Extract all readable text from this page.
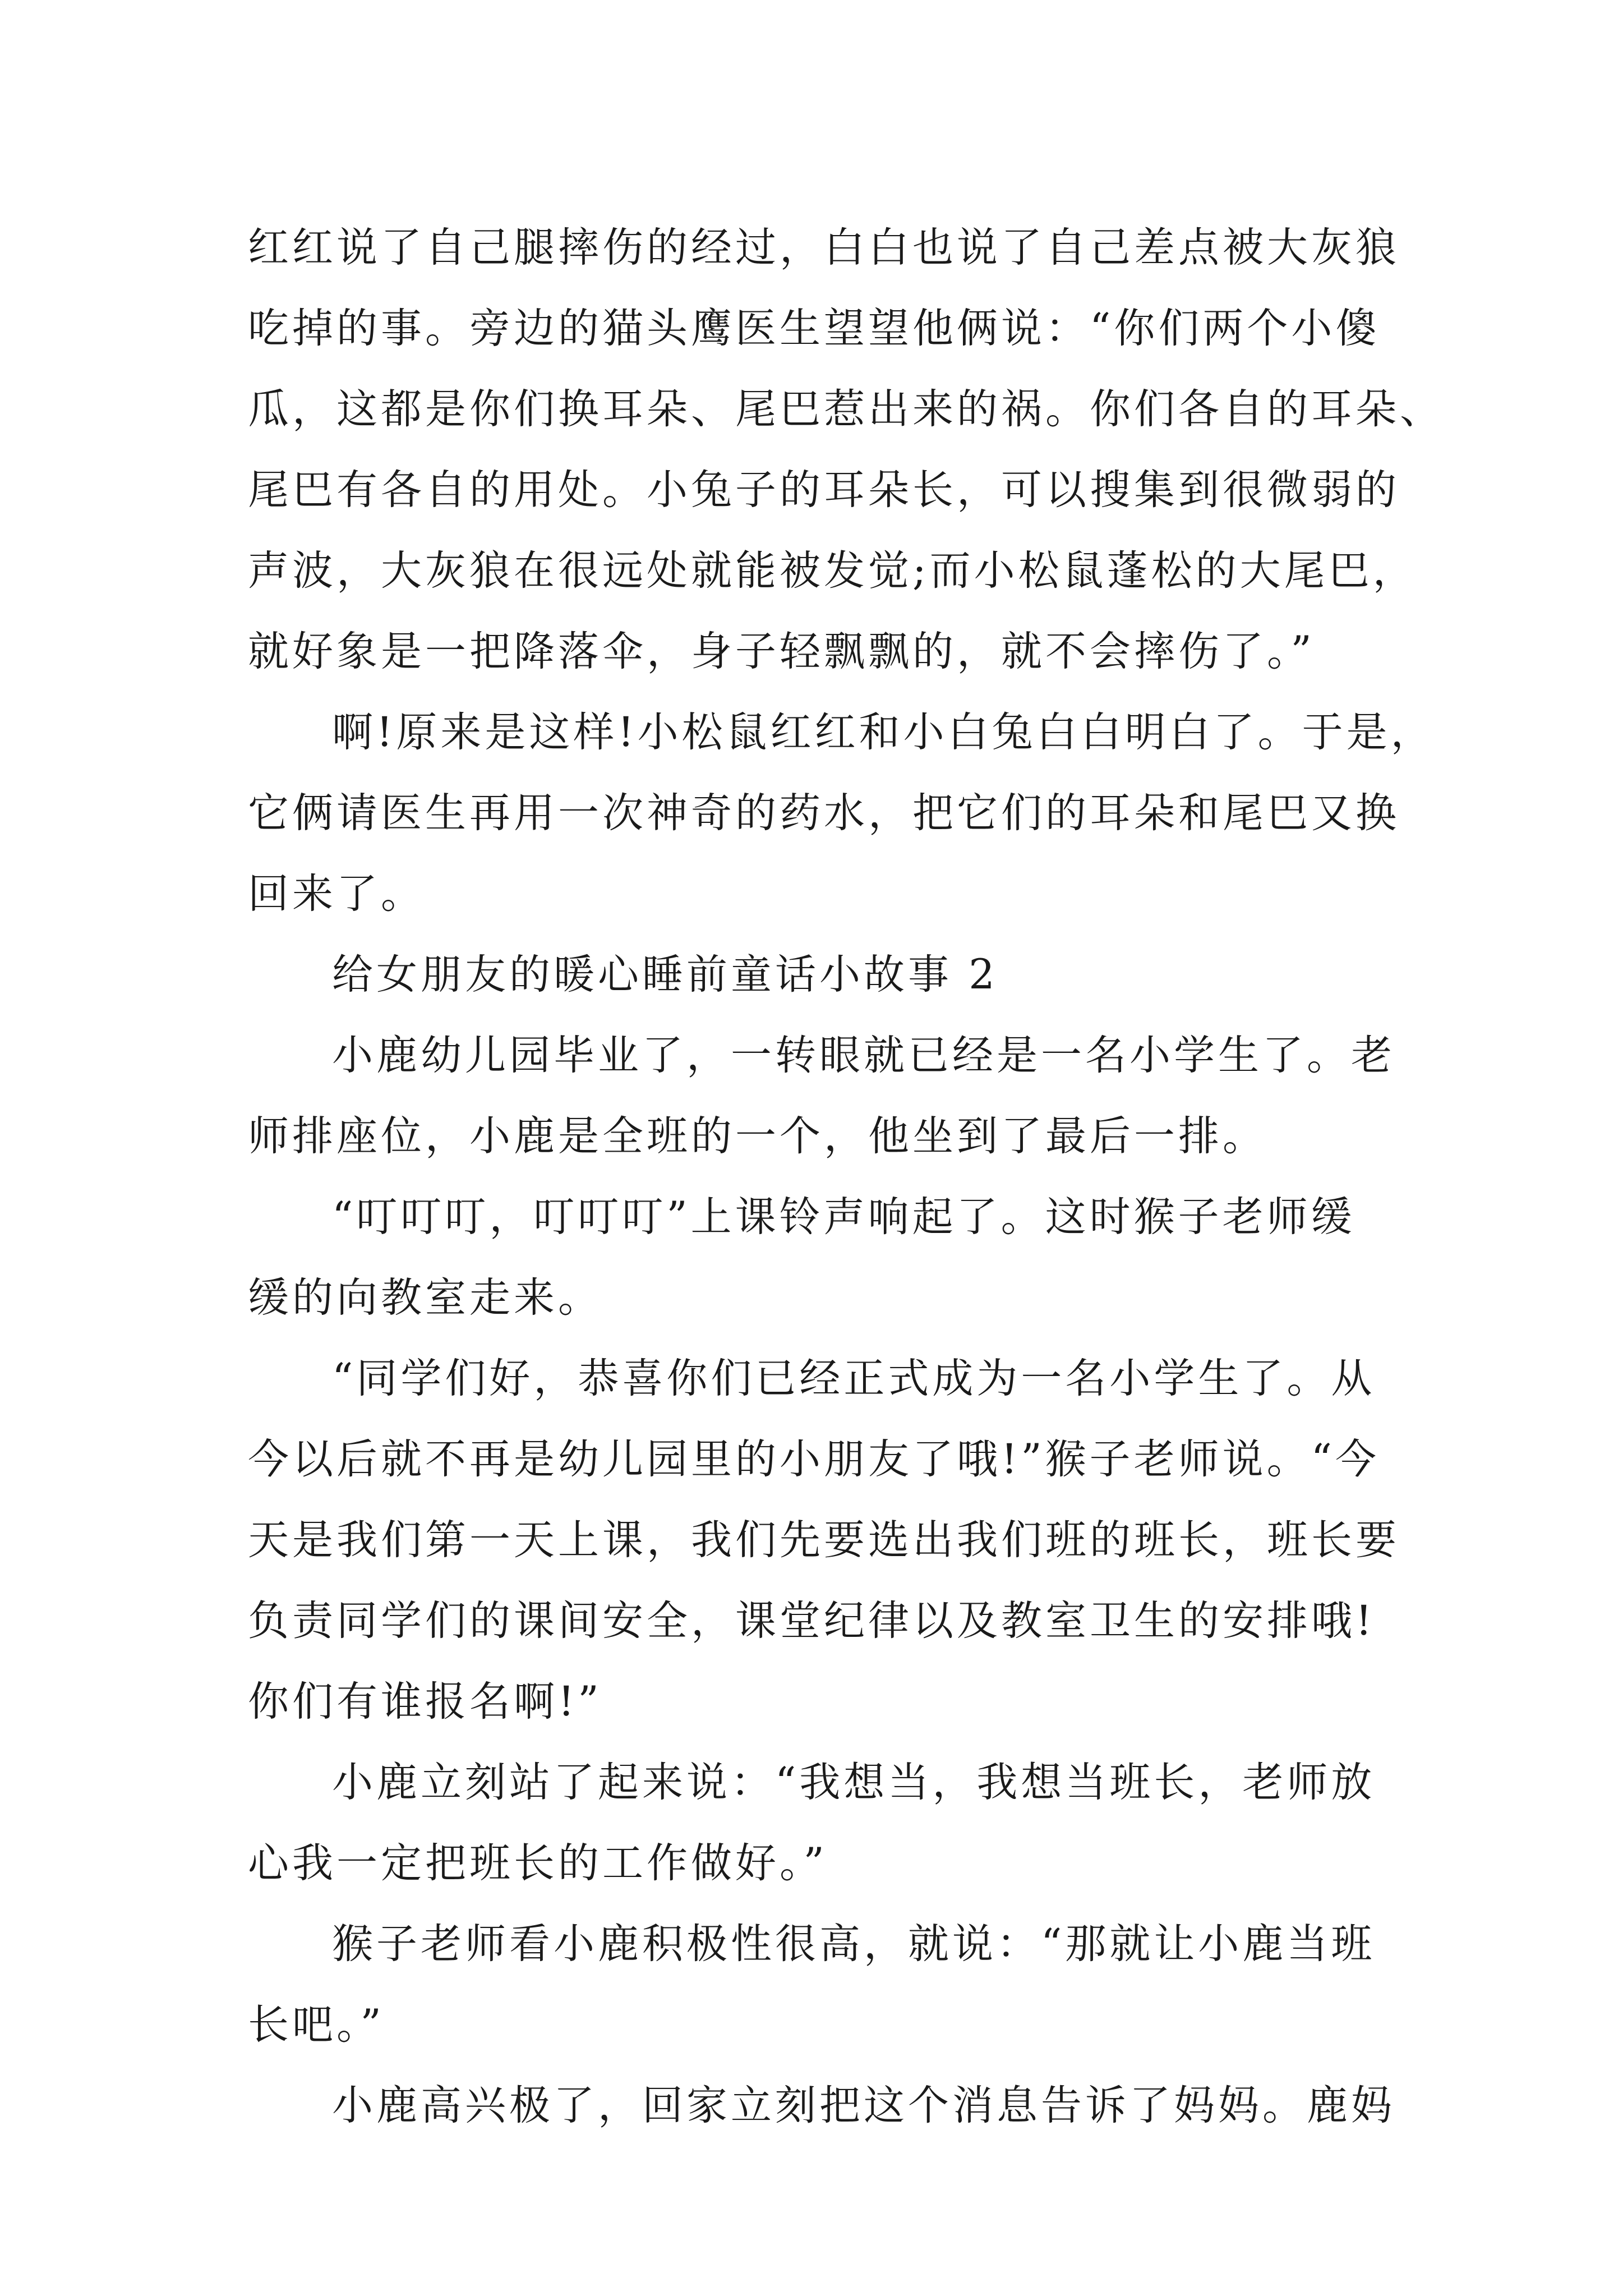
红红说了自己腿摔伤的经过，白白也说了自己差点被大灰狼
吃掉的事。旁边的猫头鹰医生望望他俩说：“你们两个小傻
瓜，这都是你们换耳朵、尾巴惹出来的祸。你们各自的耳朵、
尾巴有各自的用处。小兔子的耳朵长，可以搜集到很微弱的
声波，大灰狼在很远处就能被发觉;而小松鼠蓬松的大尾巴，
就好象是一把降落伞，身子轻飘飘的，就不会摔伤了。”
啊!原来是这样!小松鼠红红和小白兔白白明白了。于是，
它俩请医生再用一次神奇的药水，把它们的耳朵和尾巴又换
回来了。
给女朋友的暖心睡前童话小故事 2
小鹿幼儿园毕业了，一转眼就已经是一名小学生了。老
师排座位，小鹿是全班的一个，他坐到了最后一排。
“叮叮叮，叮叮叮”上课铃声响起了。这时猴子老师缓
缓的向教室走来。
“同学们好，恭喜你们已经正式成为一名小学生了。从
今以后就不再是幼儿园里的小朋友了哦!”猴子老师说。“今
天是我们第一天上课，我们先要选出我们班的班长，班长要
负责同学们的课间安全，课堂纪律以及教室卫生的安排哦!
你们有谁报名啊!”
小鹿立刻站了起来说：“我想当，我想当班长，老师放
心我一定把班长的工作做好。”
猴子老师看小鹿积极性很高，就说：“那就让小鹿当班
长吧。”
小鹿高兴极了，回家立刻把这个消息告诉了妈妈。鹿妈
